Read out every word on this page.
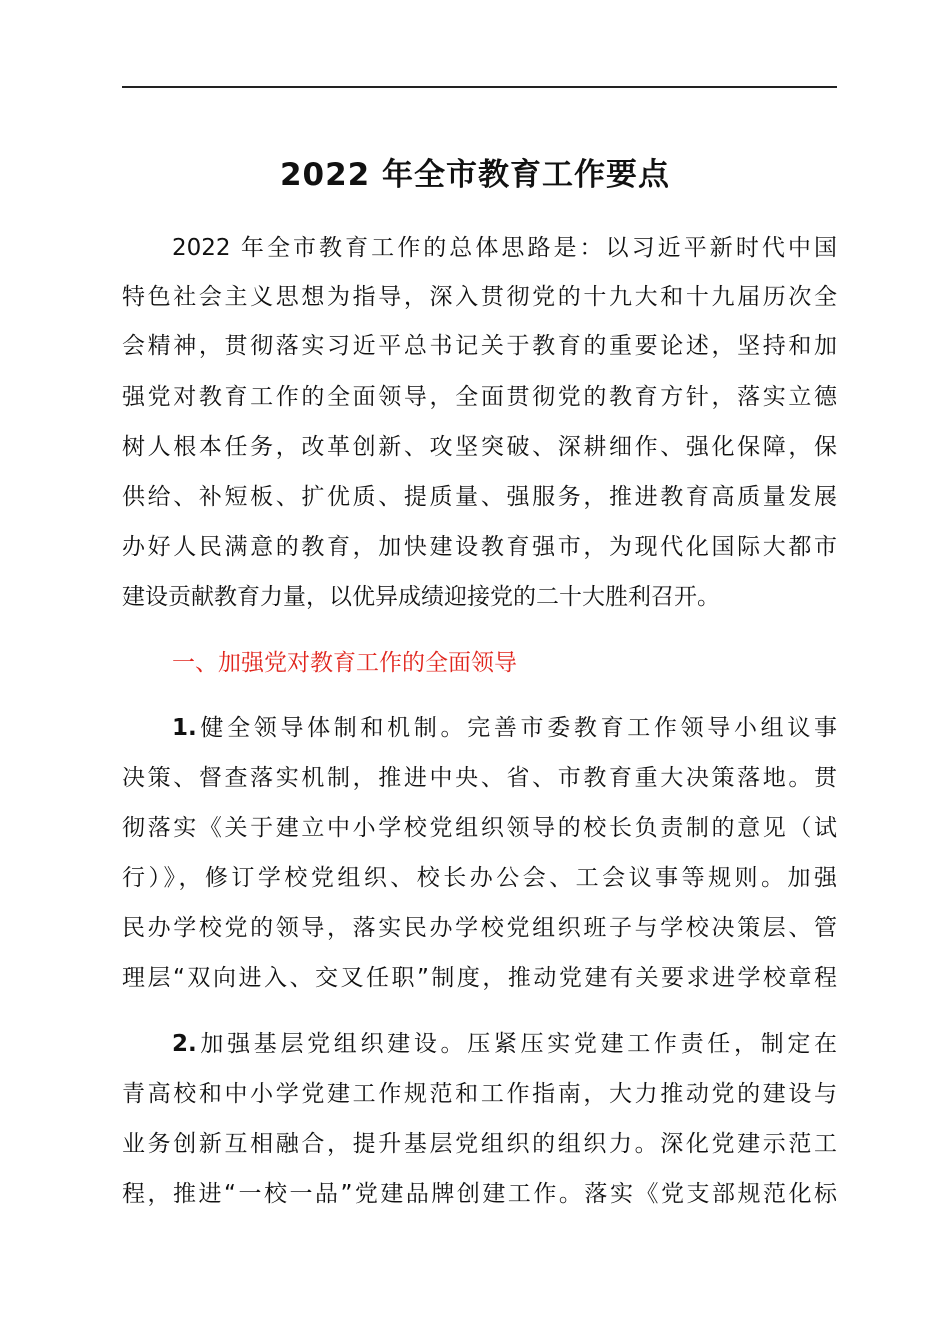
2022 年全市教育工作要点

2022 年全市教育工作的总体思路是：以习近平新时代中国

特色社会主义思想为指导，深入贯彻党的十九大和十九届历次全

会精神，贯彻落实习近平总书记关于教育的重要论述，坚持和加

强党对教育工作的全面领导，全面贯彻党的教育方针，落实立德

树人根本任务，改革创新、攻坚突破、深耕细作、强化保障，保

供给、补短板、扩优质、提质量、强服务，推进教育高质量发展

办好人民满意的教育，加快建设教育强市，为现代化国际大都市

建设贡献教育力量，以优异成绩迎接党的二十大胜利召开。

一、加强党对教育工作的全面领导

1.健全领导体制和机制。完善市委教育工作领导小组议事

决策、督查落实机制，推进中央、省、市教育重大决策落地。贯

彻落实《关于建立中小学校党组织领导的校长负责制的意见（试

行）》，修订学校党组织、校长办公会、工会议事等规则。加强

民办学校党的领导，落实民办学校党组织班子与学校决策层、管

理层“双向进入、交叉任职”制度，推动党建有关要求进学校章程

2.加强基层党组织建设。压紧压实党建工作责任，制定在

青高校和中小学党建工作规范和工作指南，大力推动党的建设与

业务创新互相融合，提升基层党组织的组织力。深化党建示范工

程，推进“一校一品”党建品牌创建工作。落实《党支部规范化标
